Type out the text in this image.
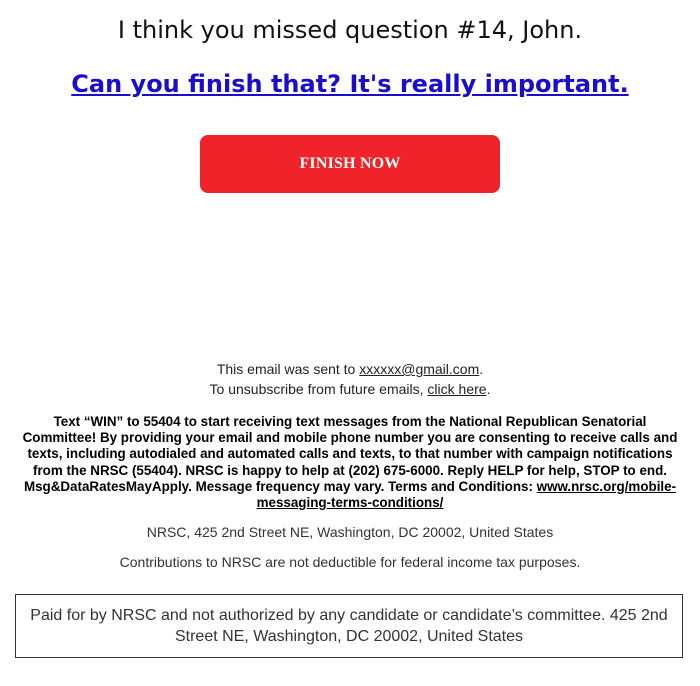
I think you missed question #14, John.
Can you finish that? It's really important.
FINISH NOW
This email was sent to xxxxxx@gmail.com.
To unsubscribe from future emails, click here.
Text “WIN” to 55404 to start receiving text messages from the National Republican Senatorial Committee! By providing your email and mobile phone number you are consenting to receive calls and texts, including autodialed and automated calls and texts, to that number with campaign notifications from the NRSC (55404). NRSC is happy to help at (202) 675-6000. Reply HELP for help, STOP to end. Msg&DataRatesMayApply. Message frequency may vary. Terms and Conditions: www.nrsc.org/mobile-messaging-terms-conditions/
NRSC, 425 2nd Street NE, Washington, DC 20002, United States
Contributions to NRSC are not deductible for federal income tax purposes.
Paid for by NRSC and not authorized by any candidate or candidate’s committee. 425 2nd Street NE, Washington, DC 20002, United States
